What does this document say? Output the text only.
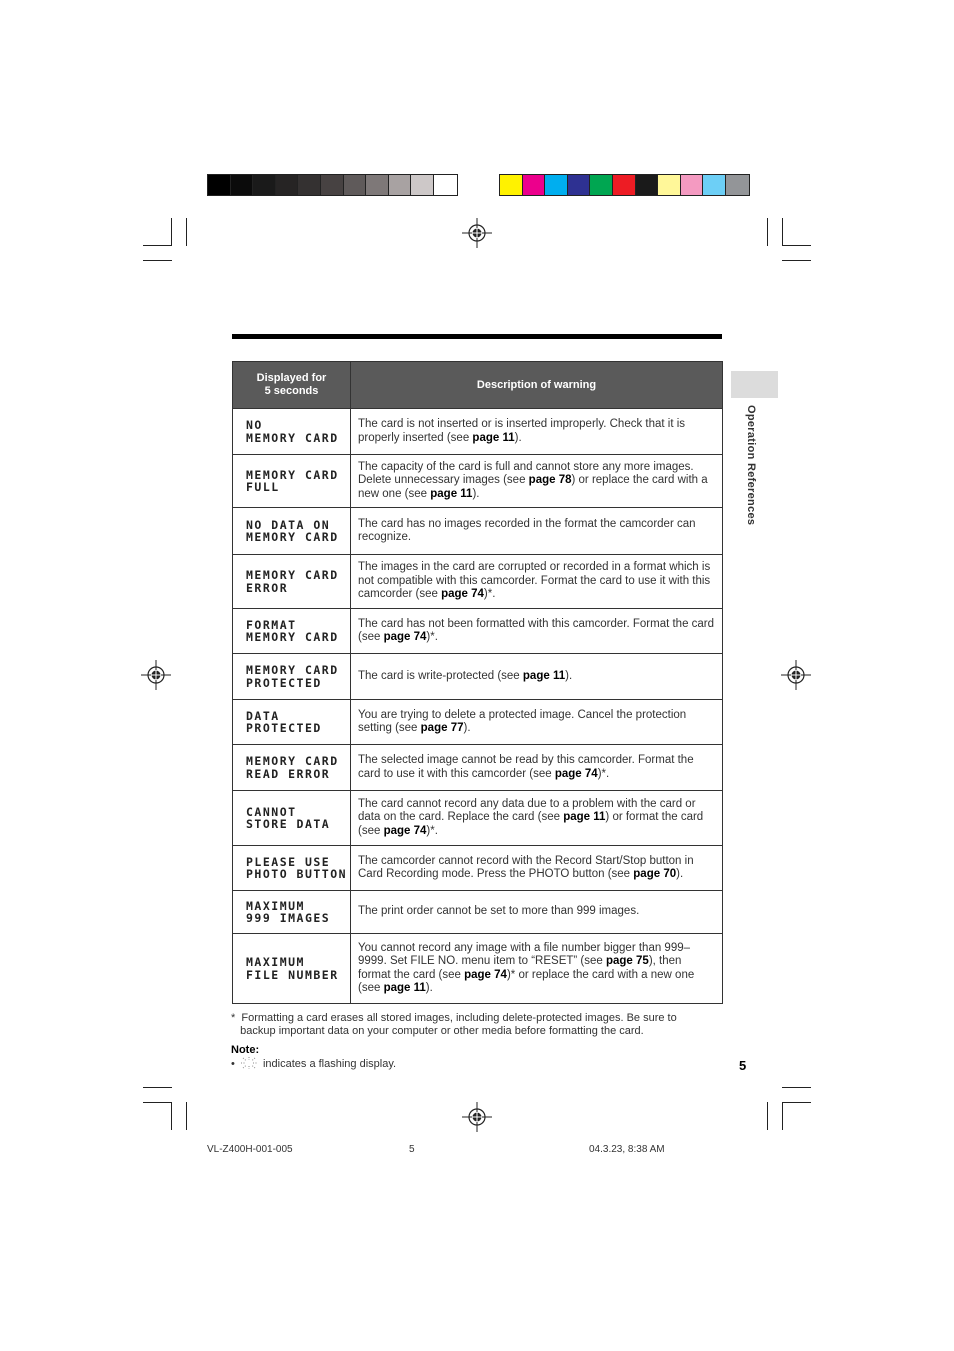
Displayed for
5 seconds	Description of warning
NO
MEMORY CARD	The card is not inserted or is inserted improperly. Check that it is properly inserted (see page 11).
MEMORY CARD
FULL	The capacity of the card is full and cannot store any more images. Delete unnecessary images (see page 78) or replace the card with a new one (see page 11).
NO DATA ON
MEMORY CARD	The card has no images recorded in the format the camcorder can recognize.
MEMORY CARD
ERROR	The images in the card are corrupted or recorded in a format which is not compatible with this camcorder. Format the card to use it with this camcorder (see page 74)*.
FORMAT
MEMORY CARD	The card has not been formatted with this camcorder. Format the card (see page 74)*.
MEMORY CARD
PROTECTED	The card is write-protected (see page 11).
DATA
PROTECTED	You are trying to delete a protected image. Cancel the protection setting (see page 77).
MEMORY CARD
READ ERROR	The selected image cannot be read by this camcorder. Format the card to use it with this camcorder (see page 74)*.
CANNOT
STORE DATA	The card cannot record any data due to a problem with the card or data on the card. Replace the card (see page 11) or format the card (see page 74)*.
PLEASE USE
PHOTO BUTTON	The camcorder cannot record with the Record Start/Stop button in Card Recording mode. Press the PHOTO button (see page 70).
MAXIMUM
999 IMAGES	The print order cannot be set to more than 999 images.
MAXIMUM
FILE NUMBER	You cannot record any image with a file number bigger than 999–9999. Set FILE NO. menu item to “RESET” (see page 75), then format the card (see page 74)* or replace the card with a new one (see page 11).
Operation References
*  Formatting a card erases all stored images, including delete-protected images. Be sure to
backup important data on your computer or other media before formatting the card.
Note:
•	indicates a flashing display.	5
VL-Z400H-001-005	5	04.3.23, 8:38 AM
